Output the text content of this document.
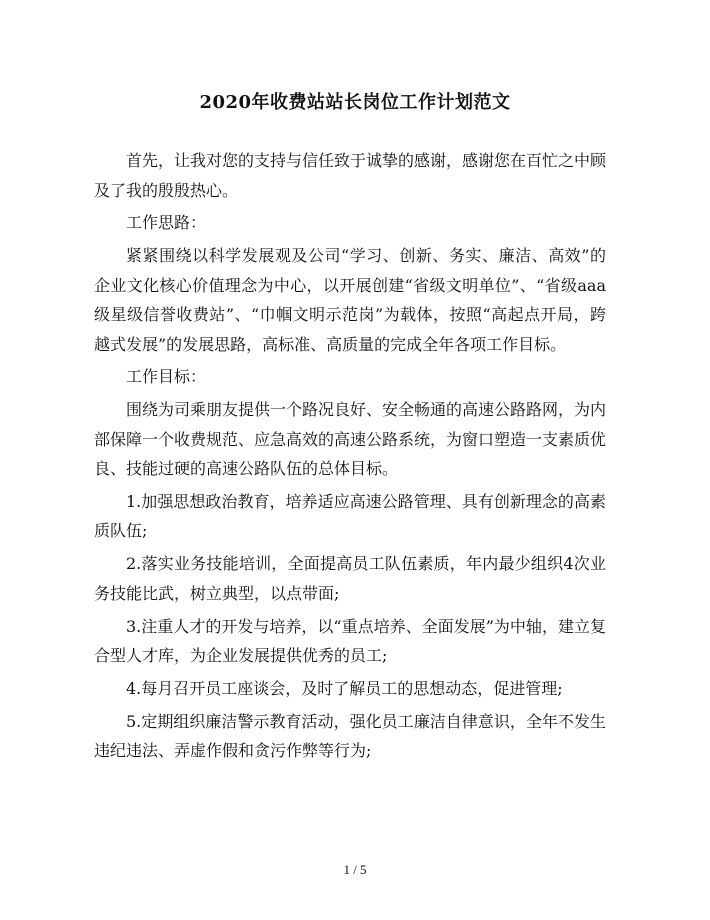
2020年收费站站长岗位工作计划范文

首先，让我对您的支持与信任致于诚挚的感谢，感谢您在百忙之中顾及了我的殷殷热心。

工作思路：

紧紧围绕以科学发展观及公司“学习、创新、务实、廉洁、高效”的企业文化核心价值理念为中心，以开展创建“省级文明单位”、“省级aaa级星级信誉收费站”、“巾帼文明示范岗”为载体，按照“高起点开局，跨越式发展”的发展思路，高标准、高质量的完成全年各项工作目标。

工作目标：

围绕为司乘朋友提供一个路况良好、安全畅通的高速公路路网，为内部保障一个收费规范、应急高效的高速公路系统，为窗口塑造一支素质优良、技能过硬的高速公路队伍的总体目标。

1.加强思想政治教育，培养适应高速公路管理、具有创新理念的高素质队伍;

2.落实业务技能培训，全面提高员工队伍素质，年内最少组织4次业务技能比武，树立典型，以点带面;

3.注重人才的开发与培养，以“重点培养、全面发展”为中轴，建立复合型人才库，为企业发展提供优秀的员工;

4.每月召开员工座谈会，及时了解员工的思想动态，促进管理;

5.定期组织廉洁警示教育活动，强化员工廉洁自律意识，全年不发生违纪违法、弄虚作假和贪污作弊等行为;

1 / 5
